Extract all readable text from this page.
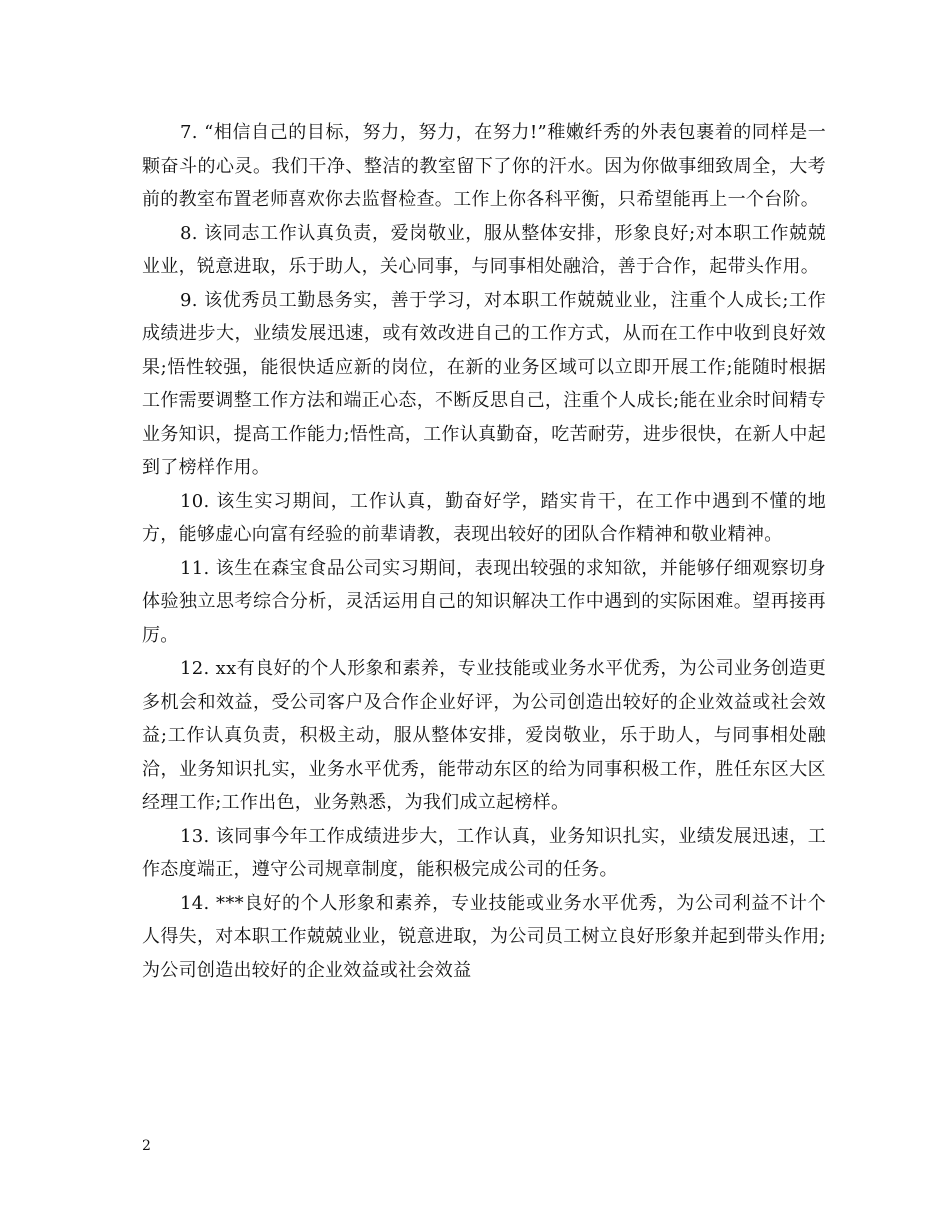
7. “相信自己的目标，努力，努力，在努力!”稚嫩纤秀的外表包裹着的同样是一颗奋斗的心灵。我们干净、整洁的教室留下了你的汗水。因为你做事细致周全，大考前的教室布置老师喜欢你去监督检查。工作上你各科平衡，只希望能再上一个台阶。

8. 该同志工作认真负责，爱岗敬业，服从整体安排，形象良好;对本职工作兢兢业业，锐意进取，乐于助人，关心同事，与同事相处融洽，善于合作，起带头作用。

9. 该优秀员工勤恳务实，善于学习，对本职工作兢兢业业，注重个人成长;工作成绩进步大，业绩发展迅速，或有效改进自己的工作方式，从而在工作中收到良好效果;悟性较强，能很快适应新的岗位，在新的业务区域可以立即开展工作;能随时根据工作需要调整工作方法和端正心态，不断反思自己，注重个人成长;能在业余时间精专业务知识，提高工作能力;悟性高，工作认真勤奋，吃苦耐劳，进步很快，在新人中起到了榜样作用。

10. 该生实习期间，工作认真，勤奋好学，踏实肯干，在工作中遇到不懂的地方，能够虚心向富有经验的前辈请教，表现出较好的团队合作精神和敬业精神。

11. 该生在森宝食品公司实习期间，表现出较强的求知欲，并能够仔细观察切身体验独立思考综合分析，灵活运用自己的知识解决工作中遇到的实际困难。望再接再厉。

12. xx有良好的个人形象和素养，专业技能或业务水平优秀，为公司业务创造更多机会和效益，受公司客户及合作企业好评，为公司创造出较好的企业效益或社会效益;工作认真负责，积极主动，服从整体安排，爱岗敬业，乐于助人，与同事相处融洽，业务知识扎实，业务水平优秀，能带动东区的给为同事积极工作，胜任东区大区经理工作;工作出色，业务熟悉，为我们成立起榜样。

13. 该同事今年工作成绩进步大，工作认真，业务知识扎实，业绩发展迅速，工作态度端正，遵守公司规章制度，能积极完成公司的任务。

14. ***良好的个人形象和素养，专业技能或业务水平优秀，为公司利益不计个人得失，对本职工作兢兢业业，锐意进取，为公司员工树立良好形象并起到带头作用;为公司创造出较好的企业效益或社会效益

2
